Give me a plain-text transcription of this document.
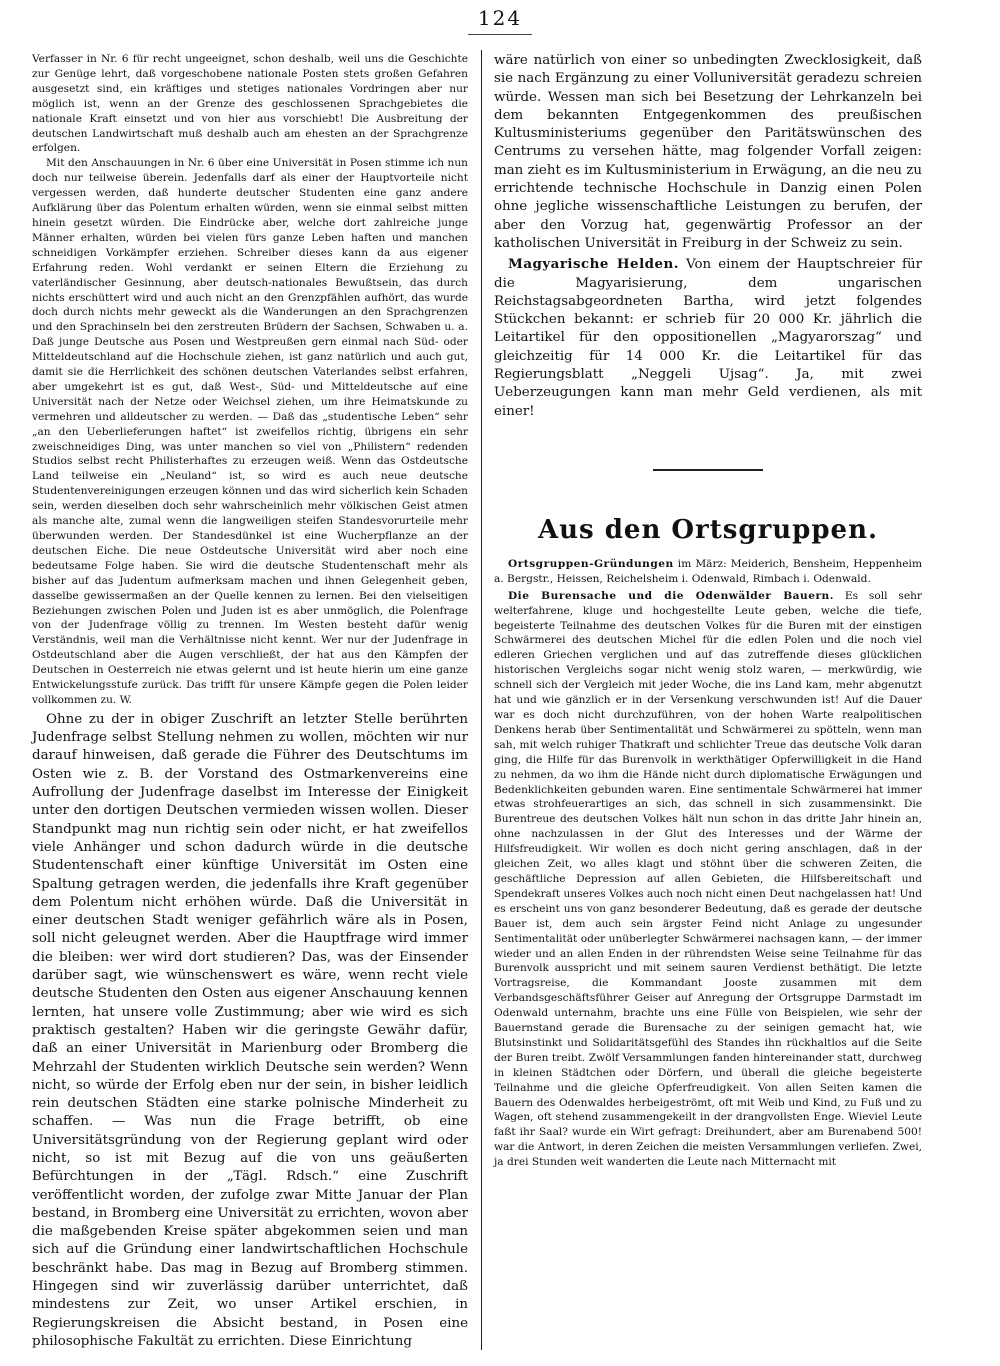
124

Verfasser in Nr. 6 für recht ungeeignet, schon deshalb, weil uns die Geschichte zur Genüge lehrt, daß vorgeschobene nationale Posten stets großen Gefahren ausgesetzt sind, ein kräftiges und stetiges nationales Vordringen aber nur möglich ist, wenn an der Grenze des geschlossenen Sprachgebietes die nationale Kraft einsetzt und von hier aus vorschiebt! Die Ausbreitung der deutschen Landwirtschaft muß deshalb auch am ehesten an der Sprachgrenze erfolgen.

Mit den Anschauungen in Nr. 6 über eine Universität in Posen stimme ich nun doch nur teilweise überein. Jedenfalls darf als einer der Hauptvorteile nicht vergessen werden, daß hunderte deutscher Studenten eine ganz andere Aufklärung über das Polentum erhalten würden, wenn sie einmal selbst mitten hinein gesetzt würden. Die Eindrücke aber, welche dort zahlreiche junge Männer erhalten, würden bei vielen fürs ganze Leben haften und manchen schneidigen Vorkämpfer erziehen. Schreiber dieses kann da aus eigener Erfahrung reden. Wohl verdankt er seinen Eltern die Erziehung zu vaterländischer Gesinnung, aber deutsch-nationales Bewußtsein, das durch nichts erschüttert wird und auch nicht an den Grenzpfählen aufhört, das wurde doch durch nichts mehr geweckt als die Wanderungen an den Sprachgrenzen und den Sprachinseln bei den zerstreuten Brüdern der Sachsen, Schwaben u. a. Daß junge Deutsche aus Posen und Westpreußen gern einmal nach Süd- oder Mitteldeutschland auf die Hochschule ziehen, ist ganz natürlich und auch gut, damit sie die Herrlichkeit des schönen deutschen Vaterlandes selbst erfahren, aber umgekehrt ist es gut, daß West-, Süd- und Mitteldeutsche auf eine Universität nach der Netze oder Weichsel ziehen, um ihre Heimatskunde zu vermehren und alldeutscher zu werden. — Daß das „studentische Leben“ sehr „an den Ueberlieferungen haftet“ ist zweifellos richtig, übrigens ein sehr zweischneidiges Ding, was unter manchen so viel von „Philistern“ redenden Studios selbst recht Philisterhaftes zu erzeugen weiß. Wenn das Ostdeutsche Land teilweise ein „Neuland“ ist, so wird es auch neue deutsche Studentenvereinigungen erzeugen können und das wird sicherlich kein Schaden sein, werden dieselben doch sehr wahrscheinlich mehr völkischen Geist atmen als manche alte, zumal wenn die langweiligen steifen Standesvorurteile mehr überwunden werden. Der Standesdünkel ist eine Wucherpflanze an der deutschen Eiche. Die neue Ostdeutsche Universität wird aber noch eine bedeutsame Folge haben. Sie wird die deutsche Studentenschaft mehr als bisher auf das Judentum aufmerksam machen und ihnen Gelegenheit geben, dasselbe gewissermaßen an der Quelle kennen zu lernen. Bei den vielseitigen Beziehungen zwischen Polen und Juden ist es aber unmöglich, die Polenfrage von der Judenfrage völlig zu trennen. Im Westen besteht dafür wenig Verständnis, weil man die Verhältnisse nicht kennt. Wer nur der Judenfrage in Ostdeutschland aber die Augen verschließt, der hat aus den Kämpfen der Deutschen in Oesterreich nie etwas gelernt und ist heute hierin um eine ganze Entwickelungsstufe zurück. Das trifft für unsere Kämpfe gegen die Polen leider vollkommen zu. W.

Ohne zu der in obiger Zuschrift an letzter Stelle berührten Judenfrage selbst Stellung nehmen zu wollen, möchten wir nur darauf hinweisen, daß gerade die Führer des Deutschtums im Osten wie z. B. der Vorstand des Ostmarkenvereins eine Aufrollung der Judenfrage daselbst im Interesse der Einigkeit unter den dortigen Deutschen vermieden wissen wollen. Dieser Standpunkt mag nun richtig sein oder nicht, er hat zweifellos viele Anhänger und schon dadurch würde in die deutsche Studentenschaft einer künftige Universität im Osten eine Spaltung getragen werden, die jedenfalls ihre Kraft gegenüber dem Polentum nicht erhöhen würde. Daß die Universität in einer deutschen Stadt weniger gefährlich wäre als in Posen, soll nicht geleugnet werden. Aber die Hauptfrage wird immer die bleiben: wer wird dort studieren? Das, was der Einsender darüber sagt, wie wünschenswert es wäre, wenn recht viele deutsche Studenten den Osten aus eigener Anschauung kennen lernten, hat unsere volle Zustimmung; aber wie wird es sich praktisch gestalten? Haben wir die geringste Gewähr dafür, daß an einer Universität in Marienburg oder Bromberg die Mehrzahl der Studenten wirklich Deutsche sein werden? Wenn nicht, so würde der Erfolg eben nur der sein, in bisher leidlich rein deutschen Städten eine starke polnische Minderheit zu schaffen. — Was nun die Frage betrifft, ob eine Universitätsgründung von der Regierung geplant wird oder nicht, so ist mit Bezug auf die von uns geäußerten Befürchtungen in der „Tägl. Rdsch.“ eine Zuschrift veröffentlicht worden, der zufolge zwar Mitte Januar der Plan bestand, in Bromberg eine Universität zu errichten, wovon aber die maßgebenden Kreise später abgekommen seien und man sich auf die Gründung einer landwirtschaftlichen Hochschule beschränkt habe. Das mag in Bezug auf Bromberg stimmen. Hingegen sind wir zuverlässig darüber unterrichtet, daß mindestens zur Zeit, wo unser Artikel erschien, in Regierungskreisen die Absicht bestand, in Posen eine philosophische Fakultät zu errichten. Diese Einrichtung

wäre natürlich von einer so unbedingten Zwecklosigkeit, daß sie nach Ergänzung zu einer Volluniversität geradezu schreien würde. Wessen man sich bei Besetzung der Lehrkanzeln bei dem bekannten Entgegenkommen des preußischen Kultusministeriums gegenüber den Paritätswünschen des Centrums zu versehen hätte, mag folgender Vorfall zeigen: man zieht es im Kultusministerium in Erwägung, an die neu zu errichtende technische Hochschule in Danzig einen Polen ohne jegliche wissenschaftliche Leistungen zu berufen, der aber den Vorzug hat, gegenwärtig Professor an der katholischen Universität in Freiburg in der Schweiz zu sein.

Magyarische Helden. Von einem der Hauptschreier für die Magyarisierung, dem ungarischen Reichstagsabgeordneten Bartha, wird jetzt folgendes Stückchen bekannt: er schrieb für 20 000 Kr. jährlich die Leitartikel für den oppositionellen „Magyarorszag“ und gleichzeitig für 14 000 Kr. die Leitartikel für das Regierungsblatt „Neggeli Ujsag“. Ja, mit zwei Ueberzeugungen kann man mehr Geld verdienen, als mit einer!

Aus den Ortsgruppen.

Ortsgruppen-Gründungen im März: Meiderich, Bensheim, Heppenheim a. Bergstr., Heissen, Reichelsheim i. Odenwald, Rimbach i. Odenwald.

Die Burensache und die Odenwälder Bauern. Es soll sehr welterfahrene, kluge und hochgestellte Leute geben, welche die tiefe, begeisterte Teilnahme des deutschen Volkes für die Buren mit der einstigen Schwärmerei des deutschen Michel für die edlen Polen und die noch viel edleren Griechen verglichen und auf das zutreffende dieses glücklichen historischen Vergleichs sogar nicht wenig stolz waren, — merkwürdig, wie schnell sich der Vergleich mit jeder Woche, die ins Land kam, mehr abgenutzt hat und wie gänzlich er in der Versenkung verschwunden ist! Auf die Dauer war es doch nicht durchzuführen, von der hohen Warte realpolitischen Denkens herab über Sentimentalität und Schwärmerei zu spötteln, wenn man sah, mit welch ruhiger Thatkraft und schlichter Treue das deutsche Volk daran ging, die Hilfe für das Burenvolk in werkthätiger Opferwilligkeit in die Hand zu nehmen, da wo ihm die Hände nicht durch diplomatische Erwägungen und Bedenklichkeiten gebunden waren. Eine sentimentale Schwärmerei hat immer etwas strohfeuerartiges an sich, das schnell in sich zusammensinkt. Die Burentreue des deutschen Volkes hält nun schon in das dritte Jahr hinein an, ohne nachzulassen in der Glut des Interesses und der Wärme der Hilfsfreudigkeit. Wir wollen es doch nicht gering anschlagen, daß in der gleichen Zeit, wo alles klagt und stöhnt über die schweren Zeiten, die geschäftliche Depression auf allen Gebieten, die Hilfsbereitschaft und Spendekraft unseres Volkes auch noch nicht einen Deut nachgelassen hat! Und es erscheint uns von ganz besonderer Bedeutung, daß es gerade der deutsche Bauer ist, dem auch sein ärgster Feind nicht Anlage zu ungesunder Sentimentalität oder unüberlegter Schwärmerei nachsagen kann, — der immer wieder und an allen Enden in der rührendsten Weise seine Teilnahme für das Burenvolk ausspricht und mit seinem sauren Verdienst bethätigt. Die letzte Vortragsreise, die Kommandant Jooste zusammen mit dem Verbandsgeschäftsführer Geiser auf Anregung der Ortsgruppe Darmstadt im Odenwald unternahm, brachte uns eine Fülle von Beispielen, wie sehr der Bauernstand gerade die Burensache zu der seinigen gemacht hat, wie Blutsinstinkt und Solidaritätsgefühl des Standes ihn rückhaltlos auf die Seite der Buren treibt. Zwölf Versammlungen fanden hintereinander statt, durchweg in kleinen Städtchen oder Dörfern, und überall die gleiche begeisterte Teilnahme und die gleiche Opferfreudigkeit. Von allen Seiten kamen die Bauern des Odenwaldes herbeigeströmt, oft mit Weib und Kind, zu Fuß und zu Wagen, oft stehend zusammengekeilt in der drangvollsten Enge. Wieviel Leute faßt ihr Saal? wurde ein Wirt gefragt: Dreihundert, aber am Burenabend 500! war die Antwort, in deren Zeichen die meisten Versammlungen verliefen. Zwei, ja drei Stunden weit wanderten die Leute nach Mitternacht mit
